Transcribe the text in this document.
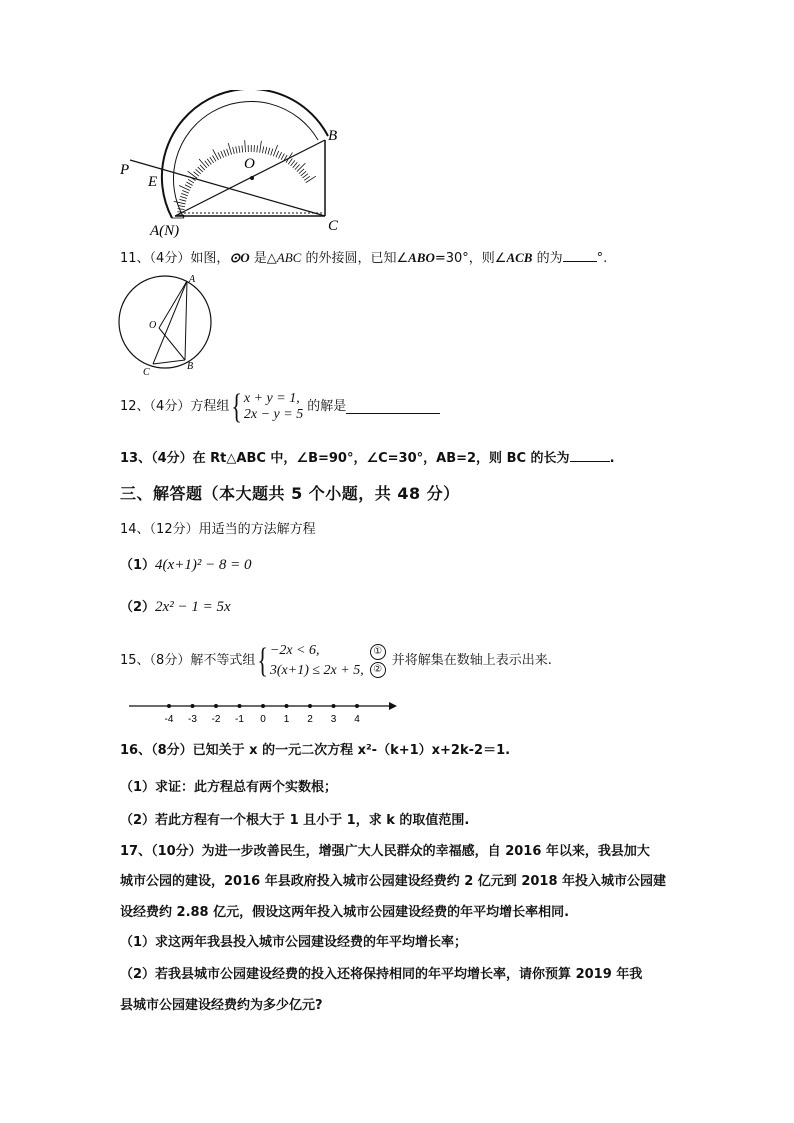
P
E
O
B
A(N)	C
11、（4分）如图，⊙O 是△ABC 的外接圆，已知∠ABO=30°，则∠ACB 的为	°.
A
O
B
C
12、（4分）方程组{ x + y = 1,
2x − y = 5
的解是
13、（4分）在 Rt△ABC 中，∠B=90°，∠C=30°，AB=2，则 BC 的长为	.
三、解答题（本大题共 5 个小题，共 48 分）
14、（12分）用适当的方法解方程
（1）4(x+1)² − 8 = 0
（2）2x² − 1 = 5x
15、（8分）解不等式组{ −2x < 6,
3(x+1) ≤ 2x + 5,
①
②
并将解集在数轴上表示出来.
-4 -3 -2 -1 0 1 2 3 4
16、（8分）已知关于 x 的一元二次方程 x²-（k+1）x+2k-2＝1.
（1）求证：此方程总有两个实数根；
（2）若此方程有一个根大于 1 且小于 1，求 k 的取值范围.
17、（10分）为进一步改善民生，增强广大人民群众的幸福感，自 2016 年以来，我县加大
城市公园的建设，2016 年县政府投入城市公园建设经费约 2 亿元到 2018 年投入城市公园建
设经费约 2.88 亿元，假设这两年投入城市公园建设经费的年平均增长率相同.
（1）求这两年我县投入城市公园建设经费的年平均增长率；
（2）若我县城市公园建设经费的投入还将保持相同的年平均增长率，请你预算 2019 年我
县城市公园建设经费约为多少亿元?
